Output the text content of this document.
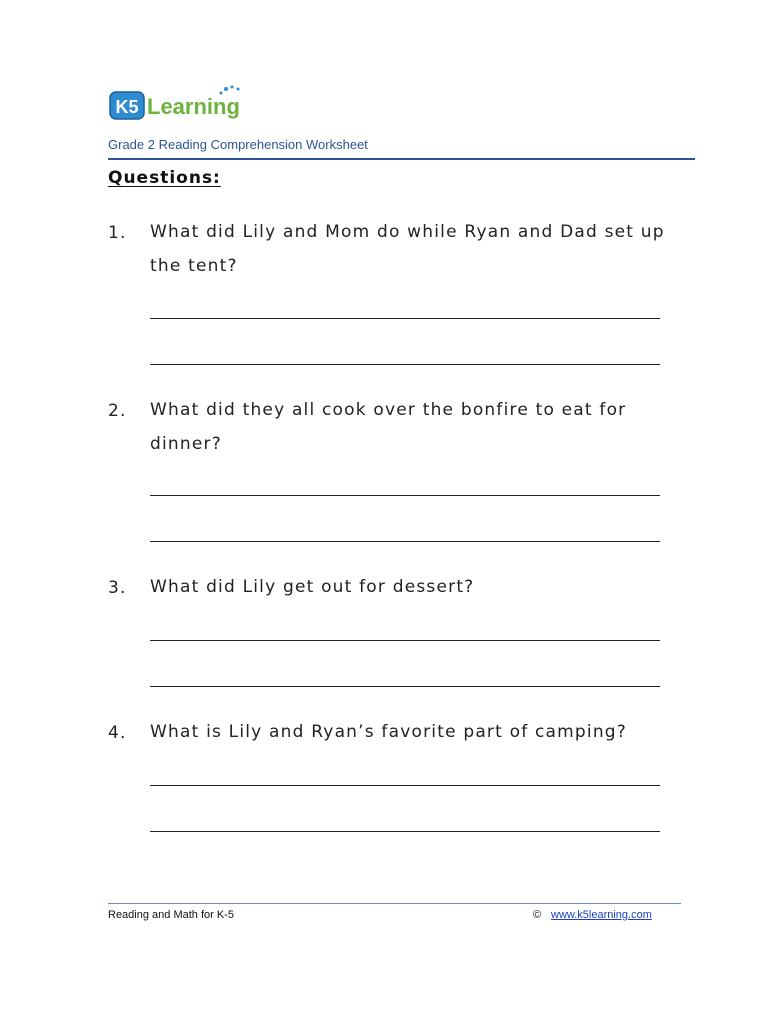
K5 Learning
Grade 2 Reading Comprehension Worksheet
Questions:
1. What did Lily and Mom do while Ryan and Dad set up the tent?
2. What did they all cook over the bonfire to eat for dinner?
3. What did Lily get out for dessert?
4. What is Lily and Ryan’s favorite part of camping?
Reading and Math for K-5	© www.k5learning.com
